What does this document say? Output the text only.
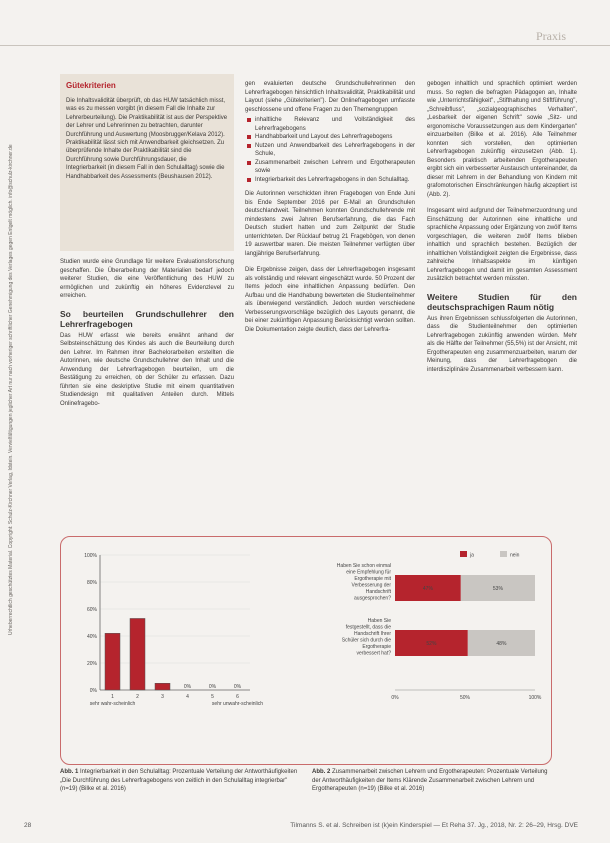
Praxis
Urheberrechtlich geschütztes Material. Copyright: Schulz-Kirchner Verlag, Idstein. Vervielfältigungen jeglicher Art nur nach vorheriger schriftlicher Genehmigung des Verlages gegen Entgelt möglich. info@schulz-kirchner.de
Gütekriterien
Die Inhaltsvalidität überprüft, ob das HUW tatsächlich misst, was es zu messen vorgibt (in diesem Fall die Inhalte zur Lehrerbeurteilung). Die Praktikabilität ist aus der Perspektive der Lehrer und Lehrerinnen zu betrachten, darunter Durchführung und Auswertung (Moosbrugger/Kelava 2012). Praktikabilität lässt sich mit Anwendbarkeit gleichsetzen. Zu überprüfende Inhalte der Praktikabilität sind die Durchführung sowie Durchführungsdauer, die Integrierbarkeit (in diesem Fall in den Schulalltag) sowie die Handhabbarkeit des Assessments (Beushausen 2012).

Studien wurde eine Grundlage für weitere Evaluationsforschung geschaffen. Die Überarbeitung der Materialien bedarf jedoch weiterer Studien, die eine Veröffentlichung des HUW zu ermöglichen und zukünftig ein höheres Evidenzlevel zu erreichen.

So beurteilen Grundschullehrer den Lehrerfragebogen

Das HUW erfasst wie bereits erwähnt anhand der Selbsteinschätzung des Kindes als auch die Beurteilung durch den Lehrer. Im Rahmen ihrer Bachelorarbeiten erstellten die Autorinnen, wie deutsche Grundschullehrer den Inhalt und die Anwendung der Lehrerfragebogen beurteilen, um die Bestätigung zu erreichen, ob der Schüler zu erfassen. Dazu führten sie eine deskriptive Studie mit einem quantitativen Studiendesign mit qualitativen Anteilen durch. Mittels Onlinefragebo-

gen evaluierten deutsche Grundschullehrerinnen den Lehrerfragebogen hinsichtlich Inhaltsvalidität, Praktikabilität und Layout (siehe „Gütekriterien"). Der Onlinefragebogen umfasste geschlossene und offene Fragen zu den Themengruppen

inhaltliche Relevanz und Vollständigkeit des Lehrerfragebogens
Handhabbarkeit und Layout des Lehrerfragebogens
Nutzen und Anwendbarkeit des Lehrerfragebogens in der Schule,
Zusammenarbeit zwischen Lehrern und Ergotherapeuten sowie
Integrierbarkeit des Lehrerfragebogens in den Schulalltag.

Die Autorinnen verschickten ihren Fragebogen von Ende Juni bis Ende September 2016 per E-Mail an Grundschulen deutschlandweit. Teilnehmen konnten Grundschullehrende mit mindestens zwei Jahren Berufserfahrung, die das Fach Deutsch studiert hatten und zum Zeitpunkt der Studie unterrichteten. Der Rücklauf betrug 21 Fragebögen, von denen 19 auswertbar waren. Die meisten Teilnehmer verfügten über langjährige Berufserfahrung.

Die Ergebnisse zeigen, dass der Lehrerfragebogen insgesamt als vollständig und relevant eingeschätzt wurde. 50 Prozent der Items jedoch eine inhaltlichen Anpassung bedürfen. Den Aufbau und die Handhabung bewerteten die Studienteilnehmer als überwiegend verständlich. Jedoch wurden verschiedene Verbesserungsvorschläge bezüglich des Layouts genannt, die bei einer zukünftigen Anpassung Berücksichtigt werden sollten. Die Dokumentation zeigte deutlich, dass der Lehrerfra-

gebogen inhaltlich und sprachlich optimiert werden muss. So regten die befragten Pädagogen an, Inhalte wie „Unterrichtsfähigkeit", „Stifthaltung und Stiftführung", „Schreibfluss", „sozialgeographisches Verhalten", „Lesbarkeit der eigenen Schrift" sowie „Sitz- und ergonomische Voraussetzungen aus dem Kindergarten" einzuarbeiten (Bilke et al. 2016). Alle Teilnehmer konnten sich vorstellen, den optimierten Lehrerfragebogen zukünftig einzusetzen (Abb. 1). Besonders praktisch arbeitenden Ergotherapeuten ergibt sich ein verbesserter Austausch untereinander, da dieser mit Lehrern in der Behandlung von Kindern mit grafomotorischen Einschränkungen häufig akzeptiert ist (Abb. 2).

Insgesamt wird aufgrund der Teilnehmerzuordnung und Einschätzung der Autorinnen eine inhaltliche und sprachliche Anpassung oder Ergänzung von zwölf Items vorgeschlagen, die weiteren zwölf Items blieben inhaltlich und sprachlich bestehen. Bezüglich der inhaltlichen Vollständigkeit zeigten die Ergebnisse, dass zahlreiche Inhaltsaspekte im künftigen Lehrerfragebogen und damit im gesamten Assessment zusätzlich betrachtet werden müssten.

Weitere Studien für den deutschsprachigen Raum nötig

Aus ihren Ergebnissen schlussfolgerten die Autorinnen, dass die Studienteilnehmer den optimierten Lehrerfragebogen zukünftig anwenden würden. Mehr als die Hälfte der Teilnehmer (55,5%) ist der Ansicht, mit Ergotherapeuten eng zusammenzuarbeiten, warum der Meinung, dass der Lehrerfragebogen die interdisziplinäre Zusammenarbeit verbessern kann.

100%
80%
60%
40%
20%
0%
1	2	3	4
0%
5
0%
6
0%
sehr wahr-scheinlich	sehr unwahr-scheinlich
ja	nein
Haben Sie schon einmal
eine Empfehlung für
Ergotherapie mit
Verbesserung der
Handschrift
ausgesprochen?
47%	53%
Haben Sie
festgestellt, dass die
Handschrift Ihrer
Schüler sich durch die
Ergotherapie
verbessert hat?
52%	48%
0%	50%	100%
Abb. 1 Integrierbarkeit in den Schulalltag: Prozentuale Verteilung der Antworthäufigkeiten „Die Durchführung des Lehrerfragebogens von zeitlich in den Schulalltag integrierbar" (n=19) (Bilke et al. 2016)
Abb. 2 Zusammenarbeit zwischen Lehrern und Ergotherapeuten: Prozentuale Verteilung der Antworthäufigkeiten der Items Klärende Zusammenarbeit zwischen Lehrern und Ergotherapeuten (n=19) (Bilke et al. 2016)
28	Tilmanns S. et al. Schreiben ist (k)ein Kinderspiel — Et Reha 37. Jg., 2018, Nr. 2: 26–29, Hrsg. DVE
